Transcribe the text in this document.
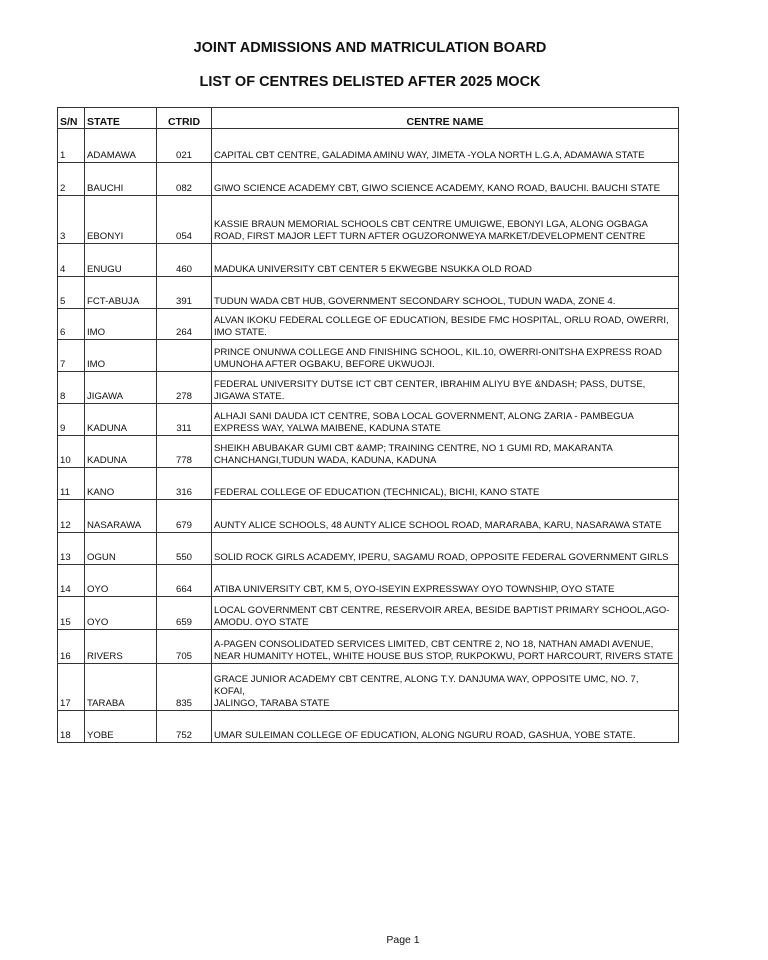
JOINT ADMISSIONS AND MATRICULATION BOARD
LIST OF CENTRES DELISTED AFTER 2025 MOCK
S/N	STATE	CTRID	CENTRE NAME
1	ADAMAWA	021	CAPITAL CBT CENTRE, GALADIMA AMINU WAY, JIMETA -YOLA NORTH L.G.A, ADAMAWA STATE

2	BAUCHI	082	GIWO SCIENCE ACADEMY CBT, GIWO SCIENCE ACADEMY, KANO ROAD, BAUCHI. BAUCHI STATE

3	EBONYI	054	KASSIE BRAUN MEMORIAL SCHOOLS CBT CENTRE UMUIGWE, EBONYI LGA, ALONG OGBAGA
ROAD, FIRST MAJOR LEFT TURN AFTER OGUZORONWEYA MARKET/DEVELOPMENT CENTRE

4	ENUGU	460	MADUKA UNIVERSITY CBT CENTER 5 EKWEGBE NSUKKA OLD ROAD

5	FCT-ABUJA	391	TUDUN WADA CBT HUB, GOVERNMENT SECONDARY SCHOOL, TUDUN WADA, ZONE 4.

6	IMO	264	ALVAN IKOKU FEDERAL COLLEGE OF EDUCATION, BESIDE FMC HOSPITAL, ORLU ROAD, OWERRI,
IMO STATE.

7	IMO		PRINCE ONUNWA COLLEGE AND FINISHING SCHOOL, KIL.10, OWERRI-ONITSHA EXPRESS ROAD
UMUNOHA AFTER OGBAKU, BEFORE UKWUOJI.

8	JIGAWA	278	FEDERAL UNIVERSITY DUTSE ICT CBT CENTER, IBRAHIM ALIYU BYE &NDASH; PASS, DUTSE,
JIGAWA STATE.

9	KADUNA	311	ALHAJI SANI DAUDA ICT CENTRE, SOBA LOCAL GOVERNMENT, ALONG ZARIA - PAMBEGUA
EXPRESS WAY, YALWA MAIBENE, KADUNA STATE

10	KADUNA	778	SHEIKH ABUBAKAR GUMI CBT &AMP; TRAINING CENTRE, NO 1 GUMI RD, MAKARANTA
CHANCHANGI,TUDUN WADA, KADUNA, KADUNA

11	KANO	316	FEDERAL COLLEGE OF EDUCATION (TECHNICAL), BICHI, KANO STATE

12	NASARAWA	679	AUNTY ALICE SCHOOLS, 48 AUNTY ALICE SCHOOL ROAD, MARARABA, KARU, NASARAWA STATE

13	OGUN	550	SOLID ROCK GIRLS ACADEMY, IPERU, SAGAMU ROAD, OPPOSITE FEDERAL GOVERNMENT GIRLS

14	OYO	664	ATIBA UNIVERSITY CBT, KM 5, OYO-ISEYIN EXPRESSWAY OYO TOWNSHIP, OYO STATE

15	OYO	659	LOCAL GOVERNMENT CBT CENTRE, RESERVOIR AREA, BESIDE BAPTIST PRIMARY SCHOOL,AGO-
AMODU. OYO STATE

16	RIVERS	705	A-PAGEN CONSOLIDATED SERVICES LIMITED, CBT CENTRE 2, NO 18, NATHAN AMADI AVENUE,
NEAR HUMANITY HOTEL, WHITE HOUSE BUS STOP, RUKPOKWU, PORT HARCOURT, RIVERS STATE

17	TARABA	835	GRACE JUNIOR ACADEMY CBT CENTRE, ALONG T.Y. DANJUMA WAY, OPPOSITE UMC, NO. 7,
KOFAI,
JALINGO, TARABA STATE

18	YOBE	752	UMAR SULEIMAN COLLEGE OF EDUCATION, ALONG NGURU ROAD, GASHUA, YOBE STATE.
Page 1
